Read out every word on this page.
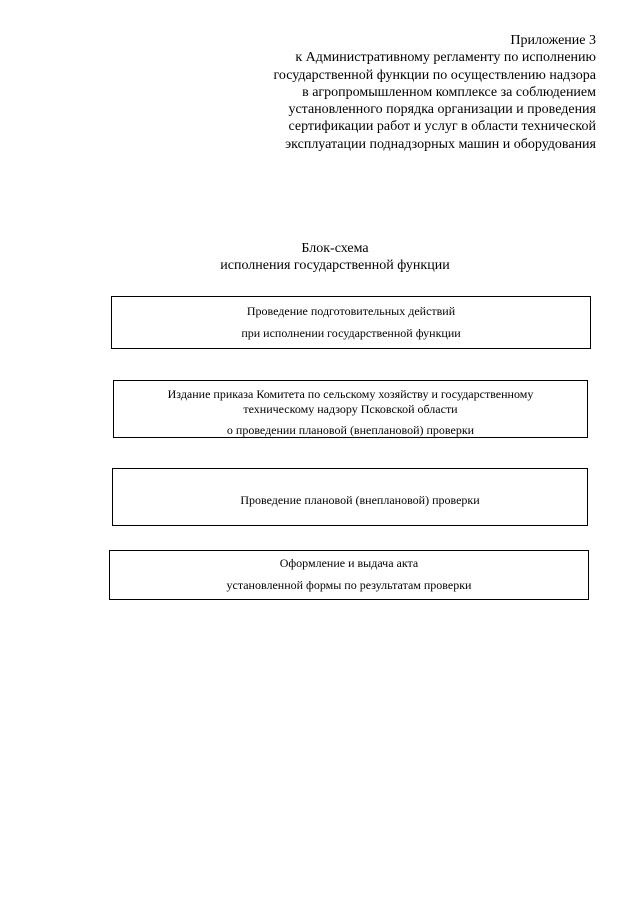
Приложение 3
к Административному регламенту по исполнению
государственной функции по осуществлению надзора
в агропромышленном комплексе за соблюдением
установленного порядка организации и проведения
сертификации работ и услуг в области технической
эксплуатации поднадзорных машин и оборудования
Блок-схема
исполнения государственной функции
Проведение подготовительных действий
при исполнении государственной функции
Издание приказа Комитета по сельскому хозяйству и государственному
техническому надзору Псковской области
о проведении плановой (внеплановой) проверки
Проведение плановой (внеплановой) проверки
Оформление и выдача акта
установленной формы по результатам проверки
